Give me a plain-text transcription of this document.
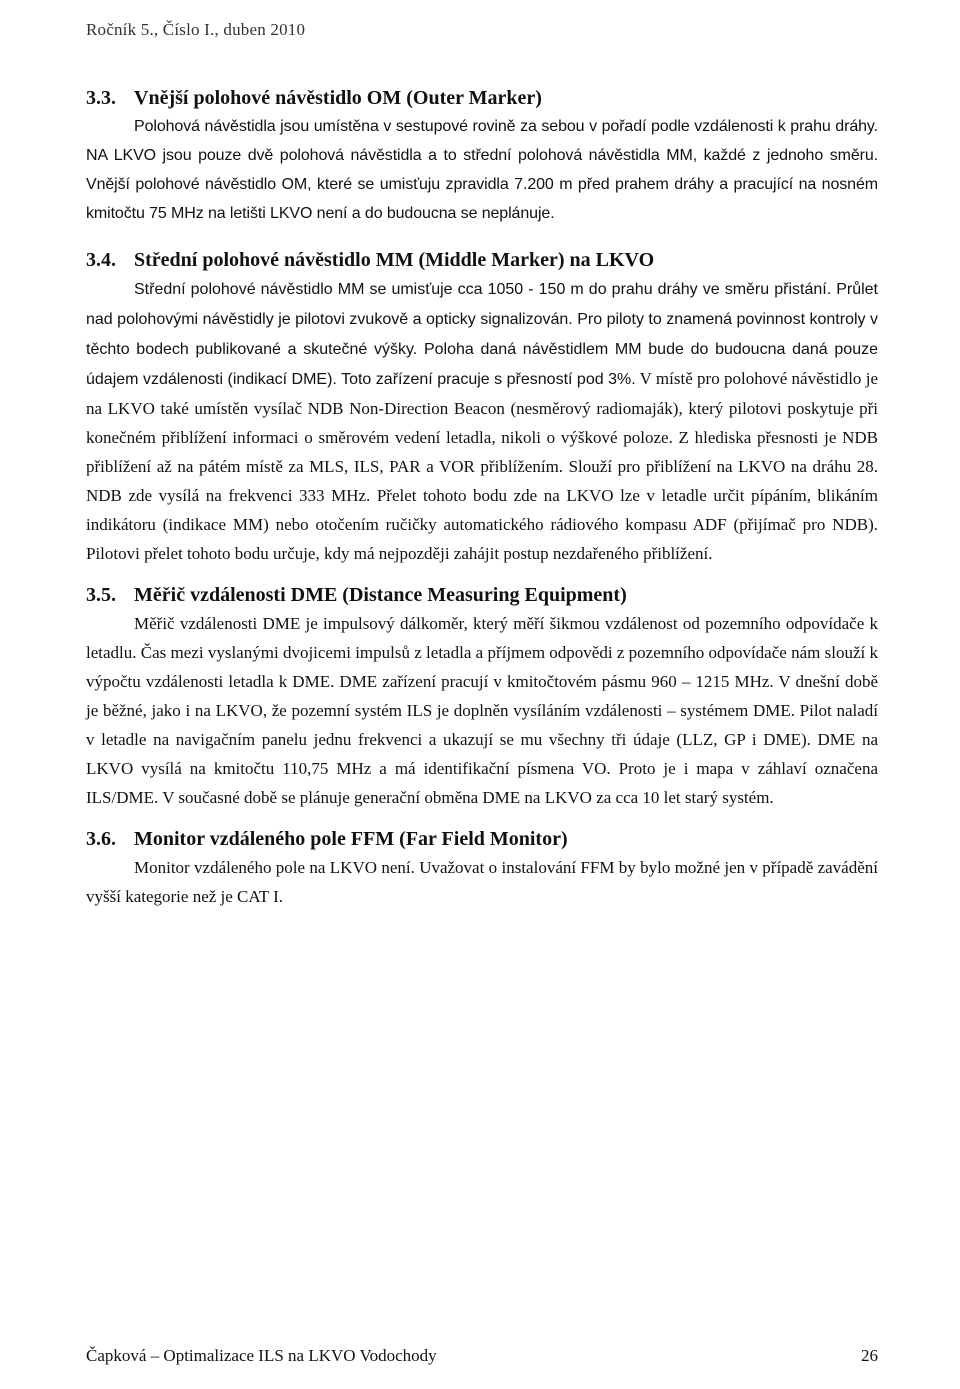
Ročník 5., Číslo I., duben 2010
3.3. Vnější polohové návěstidlo OM (Outer Marker)

Polohová návěstidla jsou umístěna v sestupové rovině za sebou v pořadí podle vzdálenosti k prahu dráhy. NA LKVO jsou pouze dvě polohová návěstidla a to střední polohová návěstidla MM, každé z jednoho směru. Vnější polohové návěstidlo OM, které se umisťuju zpravidla 7.200 m před prahem dráhy a pracující na nosném kmitočtu 75 MHz na letišti LKVO není a do budoucna se neplánuje.

3.4. Střední polohové návěstidlo MM (Middle Marker) na LKVO

Střední polohové návěstidlo MM se umisťuje cca 1050 - 150 m do prahu dráhy ve směru přistání. Průlet nad polohovými návěstidly je pilotovi zvukově a opticky signalizován. Pro piloty to znamená povinnost kontroly v těchto bodech publikované a skutečné výšky. Poloha daná návěstidlem MM bude do budoucna daná pouze údajem vzdálenosti (indikací DME). Toto zařízení pracuje s přesností pod 3%. V místě pro polohové návěstidlo je na LKVO také umístěn vysílač NDB Non-Direction Beacon (nesměrový radiomaják), který pilotovi poskytuje při konečném přiblížení informaci o směrovém vedení letadla, nikoli o výškové poloze. Z hlediska přesnosti je NDB přiblížení až na pátém místě za MLS, ILS, PAR a VOR přiblížením. Slouží pro přiblížení na LKVO na dráhu 28. NDB zde vysílá na frekvenci 333 MHz. Přelet tohoto bodu zde na LKVO lze v letadle určit pípáním, blikáním indikátoru (indikace MM) nebo otočením ručičky automatického rádiového kompasu ADF (přijímač pro NDB). Pilotovi přelet tohoto bodu určuje, kdy má nejpozději zahájit postup nezdařeného přiblížení.

3.5. Měřič vzdálenosti DME (Distance Measuring Equipment)

Měřič vzdálenosti DME je impulsový dálkoměr, který měří šikmou vzdálenost od pozemního odpovídače k letadlu. Čas mezi vyslanými dvojicemi impulsů z letadla a příjmem odpovědi z pozemního odpovídače nám slouží k výpočtu vzdálenosti letadla k DME. DME zařízení pracují v kmitočtovém pásmu 960 – 1215 MHz. V dnešní době je běžné, jako i na LKVO, že pozemní systém ILS je doplněn vysíláním vzdálenosti – systémem DME. Pilot naladí v letadle na navigačním panelu jednu frekvenci a ukazují se mu všechny tři údaje (LLZ, GP i DME). DME na LKVO vysílá na kmitočtu 110,75 MHz a má identifikační písmena VO. Proto je i mapa v záhlaví označena ILS/DME. V současné době se plánuje generační obměna DME na LKVO za cca 10 let starý systém.

3.6. Monitor vzdáleného pole FFM (Far Field Monitor)

Monitor vzdáleného pole na LKVO není. Uvažovat o instalování FFM by bylo možné jen v případě zavádění vyšší kategorie než je CAT I.

Čapková – Optimalizace ILS na LKVO Vodochody	26
